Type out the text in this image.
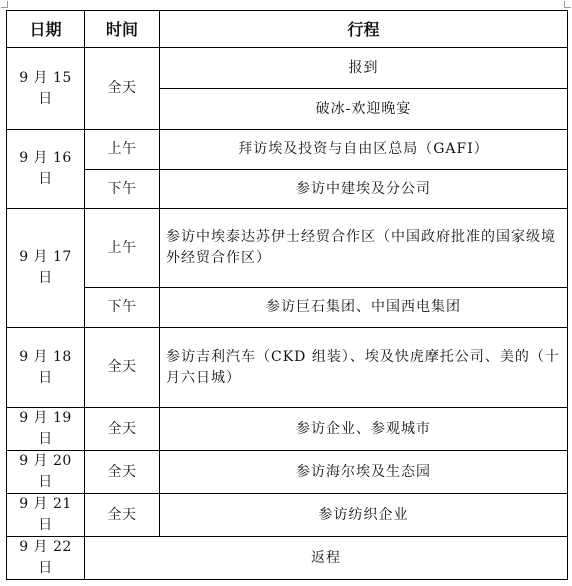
日期	时间	行程
9 月 15 日	全天	报到
		破冰-欢迎晚宴
9 月 16 日	上午	拜访埃及投资与自由区总局（GAFI）
	下午	参访中建埃及分公司
9 月 17 日	上午	参访中埃泰达苏伊士经贸合作区（中国政府批准的国家级境外经贸合作区）
	下午	参访巨石集团、中国西电集团
9 月 18 日	全天	参访吉利汽车（CKD 组装）、埃及快虎摩托公司、美的（十月六日城）
9 月 19 日	全天	参访企业、参观城市
9 月 20 日	全天	参访海尔埃及生态园
9 月 21 日	全天	参访纺织企业
9 月 22 日	返程	
